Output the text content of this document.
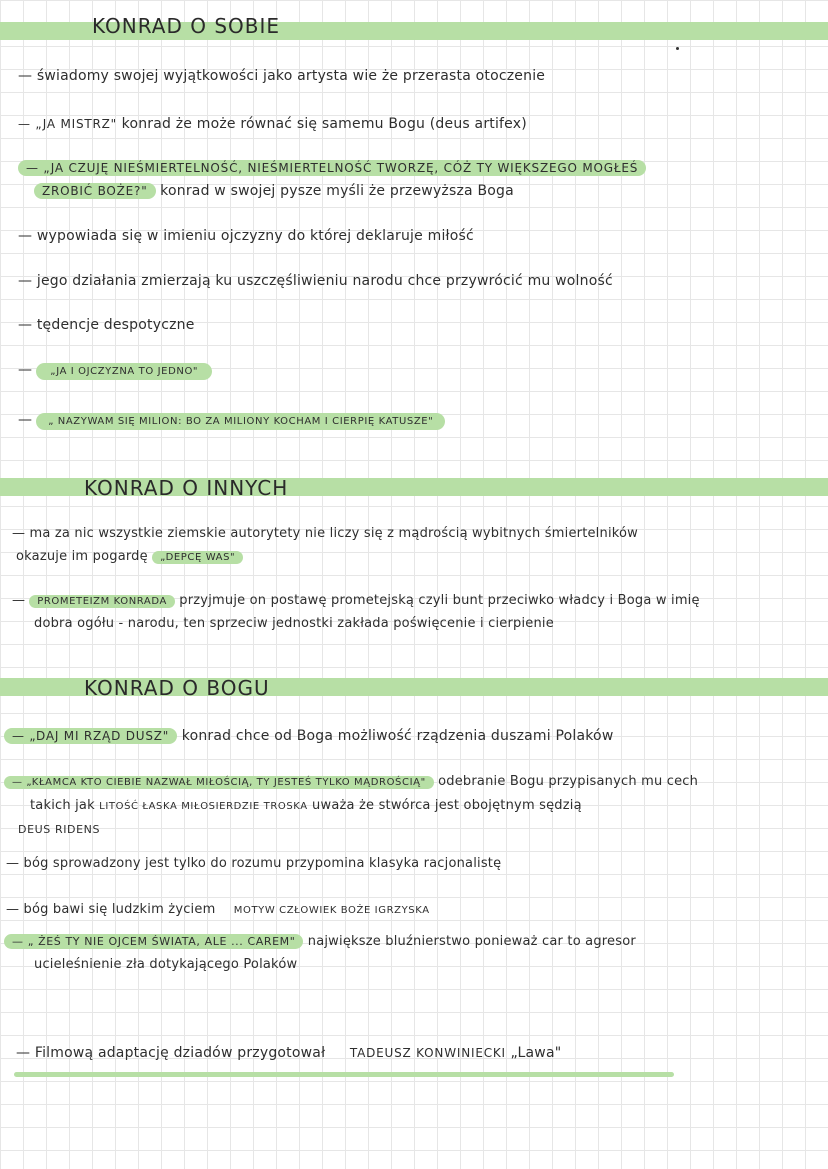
KONRAD O SOBIE
— świadomy swojej wyjątkowości jako artysta wie że przerasta otoczenie
— „JA MISTRZ" konrad że może równać się samemu Bogu (deus artifex)
— „JA CZUJĘ NIEŚMIERTELNOŚĆ, NIEŚMIERTELNOŚĆ TWORZĘ, CÓŻ TY WIĘKSZEGO MOGŁEŚ
ZROBIĆ BOŻE?" konrad w swojej pysze myśli że przewyższa Boga
— wypowiada się w imieniu ojczyzny do której deklaruje miłość
— jego działania zmierzają ku uszczęśliwieniu narodu chce przywrócić mu wolność
— tędencje despotyczne
— „JA I OJCZYZNA TO JEDNO"
— „ NAZYWAM SIĘ MILION: BO ZA MILIONY KOCHAM I CIERPIĘ KATUSZE"
KONRAD O INNYCH
— ma za nic wszystkie ziemskie autorytety nie liczy się z mądrością wybitnych śmiertelników
okazuje im pogardę „DEPCĘ WAS"
— PROMETEIZM KONRADA przyjmuje on postawę prometejską czyli bunt przeciwko władcy i Boga w imię
dobra ogółu - narodu, ten sprzeciw jednostki zakłada poświęcenie i cierpienie
KONRAD O BOGU
— „DAJ MI RZĄD DUSZ" konrad chce od Boga możliwość rządzenia duszami Polaków
— „KŁAMCA KTO CIEBIE NAZWAŁ MIŁOŚCIĄ, TY JESTEŚ TYLKO MĄDROŚCIĄ" odebranie Bogu przypisanych mu cech
takich jak LITOŚĆ ŁASKA MIŁOSIERDZIE TROSKA uważa że stwórca jest obojętnym sędzią
DEUS RIDENS
— bóg sprowadzony jest tylko do rozumu przypomina klasyka racjonalistę
— bóg bawi się ludzkim życiem MOTYW CZŁOWIEK BOŻE IGRZYSKA
— „ ŻEŚ TY NIE OJCEM ŚWIATA, ALE ... CAREM" największe bluźnierstwo ponieważ car to agresor
ucieleśnienie zła dotykającego Polaków
— Filmową adaptację dziadów przygotował TADEUSZ KONWINIECKI „Lawa"
